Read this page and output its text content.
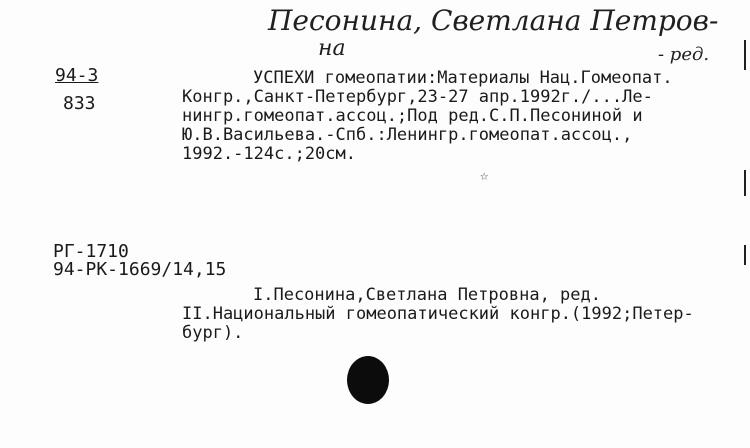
Песонина, Светлана Петров-
на	- ред.
94-3
833
УСПЕХИ гомеопатии:Материалы Нац.Гомеопат.
Конгр.,Санкт-Петербург,23-27 апр.1992г./...Ле-
нингр.гомеопат.ассоц.;Под ред.С.П.Песониной и
Ю.В.Васильева.-Спб.:Ленингр.гомеопат.ассоц.,
1992.-124с.;20см.
☆
РГ-1710
94-РК-1669/14,15
I.Песонина,Светлана Петровна, ред.
II.Национальный гомеопатический конгр.(1992;Петер-
бург).
